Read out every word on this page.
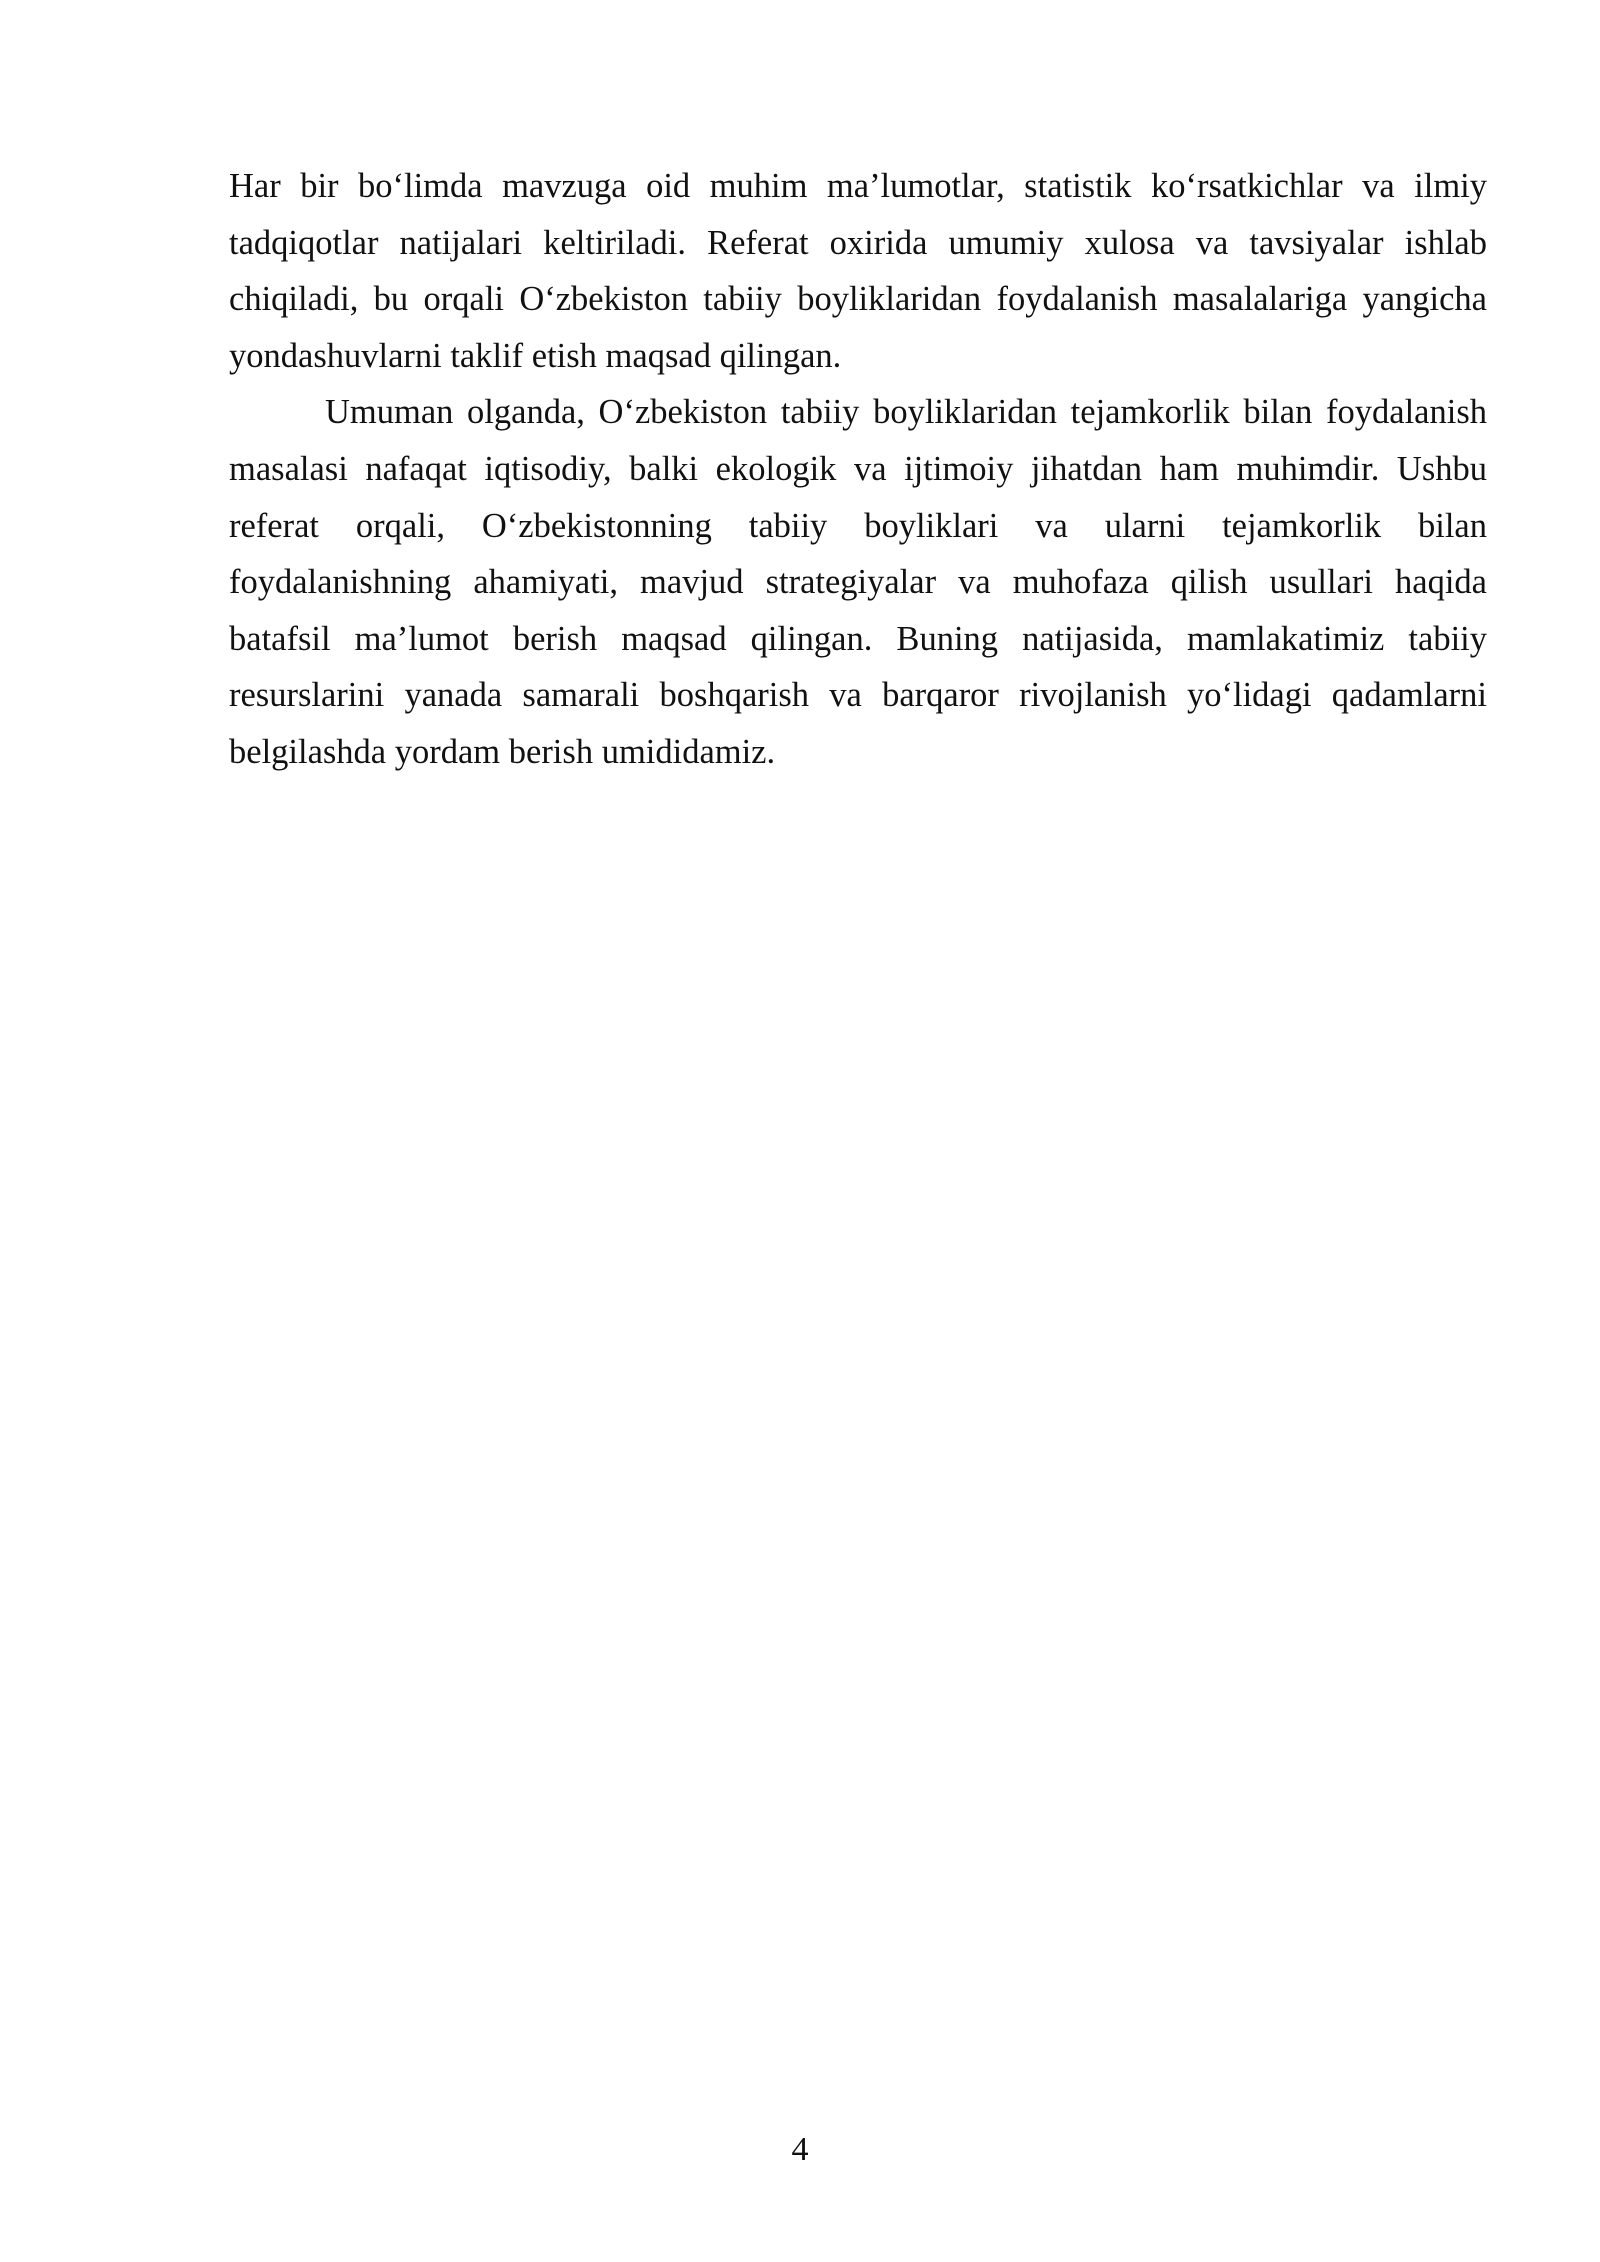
Har bir bo‘limda mavzuga oid muhim ma’lumotlar, statistik ko‘rsatkichlar va ilmiy tadqiqotlar natijalari keltiriladi. Referat oxirida umumiy xulosa va tavsiyalar ishlab chiqiladi, bu orqali O‘zbekiston tabiiy boyliklaridan foydalanish masalalariga yangicha yondashuvlarni taklif etish maqsad qilingan.

Umuman olganda, O‘zbekiston tabiiy boyliklaridan tejamkorlik bilan foydalanish masalasi nafaqat iqtisodiy, balki ekologik va ijtimoiy jihatdan ham muhimdir. Ushbu referat orqali, O‘zbekistonning tabiiy boyliklari va ularni tejamkorlik bilan foydalanishning ahamiyati, mavjud strategiyalar va muhofaza qilish usullari haqida batafsil ma’lumot berish maqsad qilingan. Buning natijasida, mamlakatimiz tabiiy resurslarini yanada samarali boshqarish va barqaror rivojlanish yo‘lidagi qadamlarni belgilashda yordam berish umididamiz.

4
